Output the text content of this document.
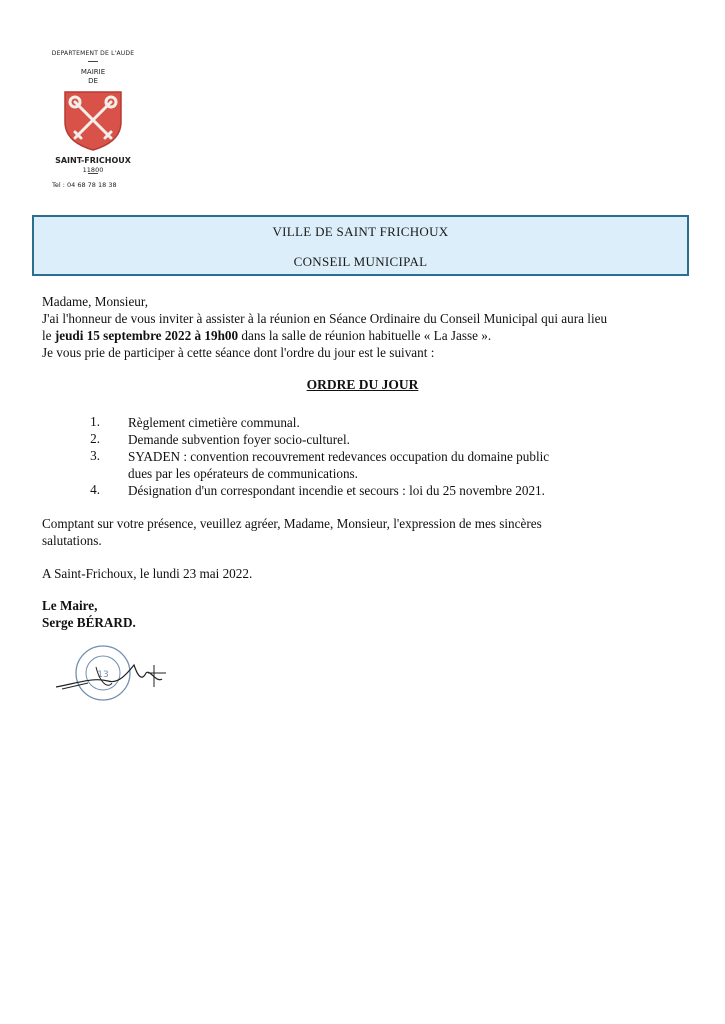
DEPARTEMENT DE L'AUDE
MAIRIE
DE
SAINT-FRICHOUX
11800
Tel : 04 68 78 18 38
VILLE DE SAINT FRICHOUX
CONSEIL MUNICIPAL
Madame, Monsieur,
J'ai l'honneur de vous inviter à assister à la réunion en Séance Ordinaire du Conseil Municipal qui aura lieu
le jeudi 15 septembre 2022 à 19h00 dans la salle de réunion habituelle « La Jasse ».
Je vous prie de participer à cette séance dont l'ordre du jour est le suivant :
ORDRE DU JOUR
1. Règlement cimetière communal.
2. Demande subvention foyer socio-culturel.
3. SYADEN : convention recouvrement redevances occupation du domaine public
dues par les opérateurs de communications.
4. Désignation d'un correspondant incendie et secours : loi du 25 novembre 2021.
Comptant sur votre présence, veuillez agréer, Madame, Monsieur, l'expression de mes sincères
salutations.
A Saint-Frichoux, le lundi 23 mai 2022.
Le Maire,
Serge BÉRARD.
13
